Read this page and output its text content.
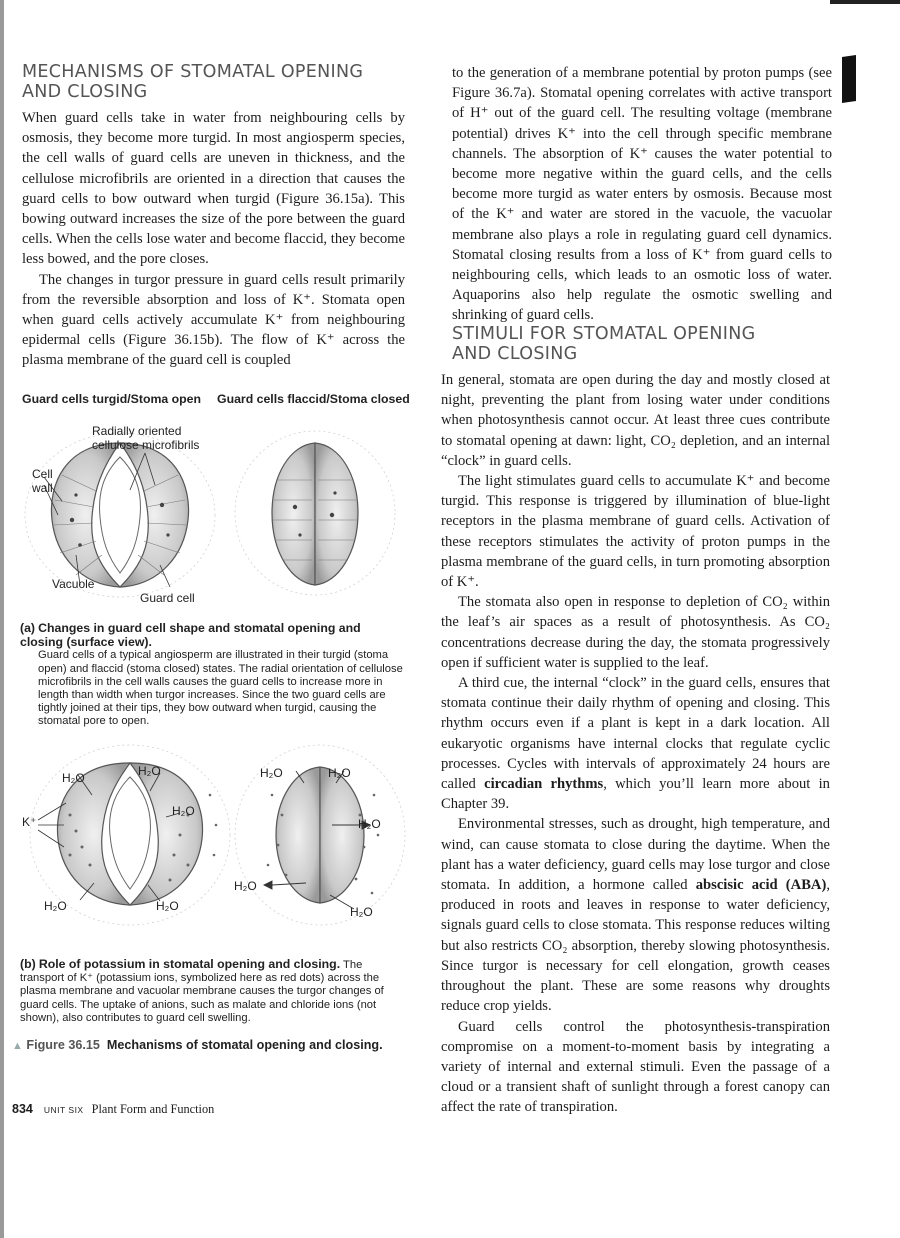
MECHANISMS OF STOMATAL OPENING
AND CLOSING

When guard cells take in water from neighbouring cells by osmosis, they become more turgid. In most angiosperm species, the cell walls of guard cells are uneven in thickness, and the cellulose microfibrils are oriented in a direction that causes the guard cells to bow outward when turgid (Figure 36.15a). This bowing outward increases the size of the pore between the guard cells. When the cells lose water and become flaccid, they become less bowed, and the pore closes.

The changes in turgor pressure in guard cells result primarily from the reversible absorption and loss of K⁺. Stomata open when guard cells actively accumulate K⁺ from neighbouring epidermal cells (Figure 36.15b). The flow of K⁺ across the plasma membrane of the guard cell is coupled

Guard cells turgid/Stoma open Guard cells flaccid/Stoma closed
Radially oriented
cellulose microfibrils
Cell
wall
Vacuole
Guard cell
(a) Changes in guard cell shape and stomatal opening and closing (surface view).
Guard cells of a typical angiosperm are illustrated in their turgid (stoma open) and flaccid (stoma closed) states. The radial orientation of cellulose microfibrils in the cell walls causes the guard cells to increase more in length than width when turgor increases. Since the two guard cells are tightly joined at their tips, they bow outward when turgid, causing the stomatal pore to open.
H₂O	H₂O
H₂O
K⁺
H₂O	H₂O
H₂O	H₂O
H₂O
H₂O
H₂O
(b) Role of potassium in stomatal opening and closing. The transport of K⁺ (potassium ions, symbolized here as red dots) across the plasma membrane and vacuolar membrane causes the turgor changes of guard cells. The uptake of anions, such as malate and chloride ions (not shown), also contributes to guard cell swelling.
▲ Figure 36.15 Mechanisms of stomatal opening and closing.
834 UNIT SIX Plant Form and Function

to the generation of a membrane potential by proton pumps (see Figure 36.7a). Stomatal opening correlates with active transport of H⁺ out of the guard cell. The resulting voltage (membrane potential) drives K⁺ into the cell through specific membrane channels. The absorption of K⁺ causes the water potential to become more negative within the guard cells, and the cells become more turgid as water enters by osmosis. Because most of the K⁺ and water are stored in the vacuole, the vacuolar membrane also plays a role in regulating guard cell dynamics. Stomatal closing results from a loss of K⁺ from guard cells to neighbouring cells, which leads to an osmotic loss of water. Aquaporins also help regulate the osmotic swelling and shrinking of guard cells.

STIMULI FOR STOMATAL OPENING
AND CLOSING

In general, stomata are open during the day and mostly closed at night, preventing the plant from losing water under conditions when photosynthesis cannot occur. At least three cues contribute to stomatal opening at dawn: light, CO₂ depletion, and an internal “clock” in guard cells.

The light stimulates guard cells to accumulate K⁺ and become turgid. This response is triggered by illumination of blue-light receptors in the plasma membrane of guard cells. Activation of these receptors stimulates the activity of proton pumps in the plasma membrane of the guard cells, in turn promoting absorption of K⁺.

The stomata also open in response to depletion of CO₂ within the leaf’s air spaces as a result of photosynthesis. As CO₂ concentrations decrease during the day, the stomata progressively open if sufficient water is supplied to the leaf.

A third cue, the internal “clock” in the guard cells, ensures that stomata continue their daily rhythm of opening and closing. This rhythm occurs even if a plant is kept in a dark location. All eukaryotic organisms have internal clocks that regulate cyclic processes. Cycles with intervals of approximately 24 hours are called circadian rhythms, which you’ll learn more about in Chapter 39.

Environmental stresses, such as drought, high temperature, and wind, can cause stomata to close during the daytime. When the plant has a water deficiency, guard cells may lose turgor and close stomata. In addition, a hormone called abscisic acid (ABA), produced in roots and leaves in response to water deficiency, signals guard cells to close stomata. This response reduces wilting but also restricts CO₂ absorption, thereby slowing photosynthesis. Since turgor is necessary for cell elongation, growth ceases throughout the plant. These are some reasons why droughts reduce crop yields.

Guard cells control the photosynthesis-transpiration compromise on a moment-to-moment basis by integrating a variety of internal and external stimuli. Even the passage of a cloud or a transient shaft of sunlight through a forest canopy can affect the rate of transpiration.
